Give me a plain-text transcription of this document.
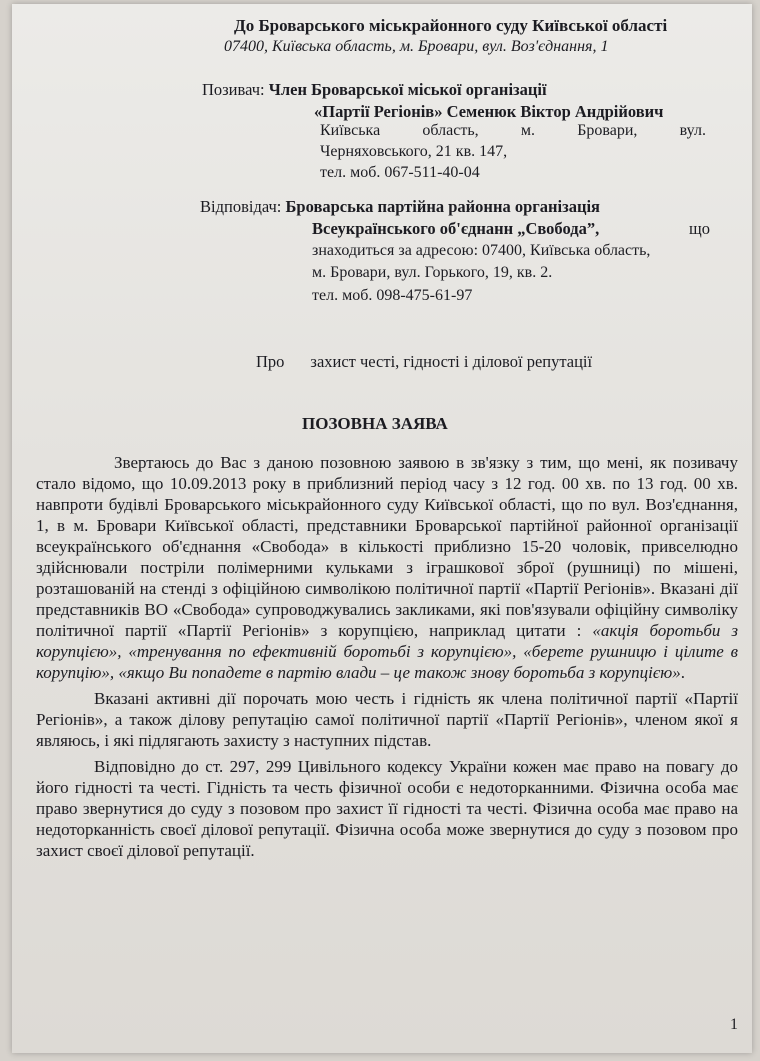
До Броварського міськрайонного суду Київської області
07400, Київська область, м. Бровари, вул. Воз'єднання, 1
Позивач: Член Броварської міської організації
«Партії Регіонів» Семенюк Віктор Андрійович
Київська	область,	м.	Бровари,	вул.
Черняховського, 21 кв. 147,
тел. моб. 067-511-40-04
Відповідач: Броварська партійна районна організація
Всеукраїнського об'єднанн „Свобода”,	що
знаходиться за адресою: 07400, Київська область,
м. Бровари, вул. Горького, 19, кв. 2.
тел. моб. 098-475-61-97
Про захист честі, гідності і ділової репутації
ПОЗОВНА ЗАЯВА

Звертаюсь до Вас з даною позовною заявою в зв'язку з тим, що мені, як позивачу стало відомо, що 10.09.2013 року в приблизний період часу з 12 год. 00 хв. по 13 год. 00 хв. навпроти будівлі Броварського міськрайонного суду Київської області, що по вул. Воз'єднання, 1, в м. Бровари Київської області, представники Броварської партійної районної організації всеукраїнського об'єднання «Свобода» в кількості приблизно 15-20 чоловік, привселюдно здійснювали постріли полімерними кульками з іграшкової зброї (рушниці) по мішені, розташованій на стенді з офіційною символікою політичної партії «Партії Регіонів». Вказані дії представників ВО «Свобода» супроводжувались закликами, які пов'язували офіційну символіку політичної партії «Партії Регіонів» з корупцією, наприклад цитати : «акція боротьби з корупцією», «тренування по ефективній боротьбі з корупцією», «берете рушницю і цілите в корупцію», «якщо Ви попадете в партію влади – це також знову боротьба з корупцією».

Вказані активні дії порочать мою честь і гідність як члена політичної партії «Партії Регіонів», а також ділову репутацію самої політичної партії «Партії Регіонів», членом якої я являюсь, і які підлягають захисту з наступних підстав.

Відповідно до ст. 297, 299 Цивільного кодексу України кожен має право на повагу до його гідності та честі. Гідність та честь фізичної особи є недоторканними. Фізична особа має право звернутися до суду з позовом про захист її гідності та честі. Фізична особа має право на недоторканність своєї ділової репутації. Фізична особа може звернутися до суду з позовом про захист своєї ділової репутації.

1
